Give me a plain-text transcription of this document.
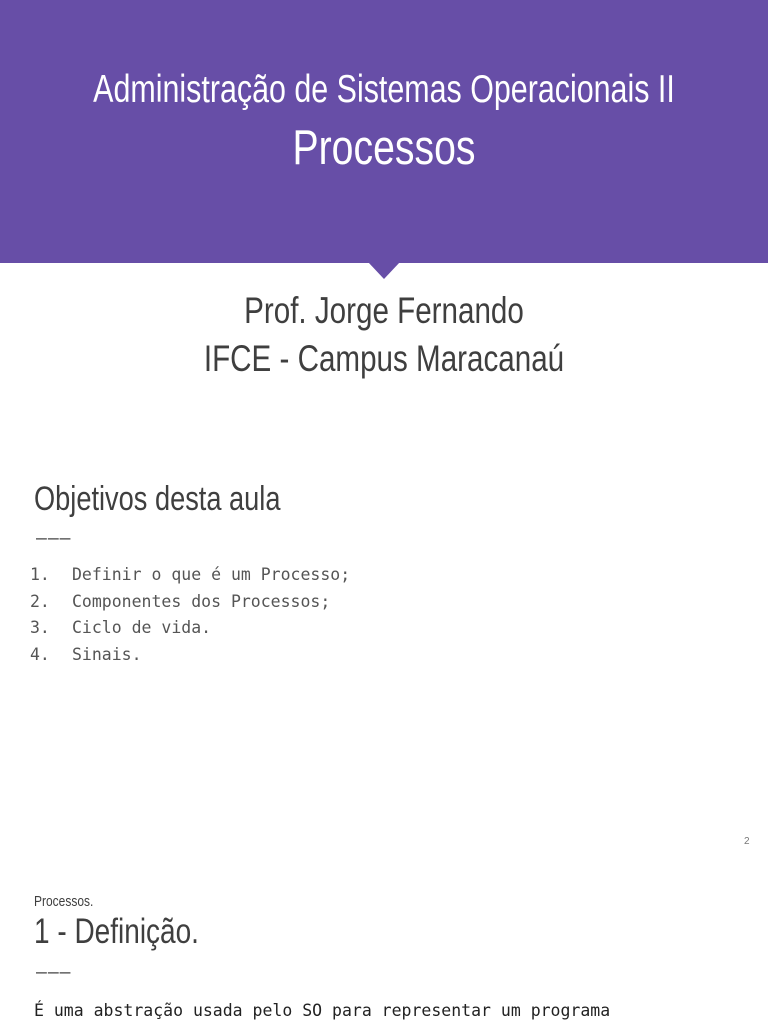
Administração de Sistemas Operacionais II
Processos
Prof. Jorge Fernando
IFCE - Campus Maracanaú
Objetivos desta aula
———
1. Definir o que é um Processo;
2. Componentes dos Processos;
3. Ciclo de vida.
4. Sinais.
2
Processos.
1 - Definição.
———
É uma abstração usada pelo SO para representar um programa
